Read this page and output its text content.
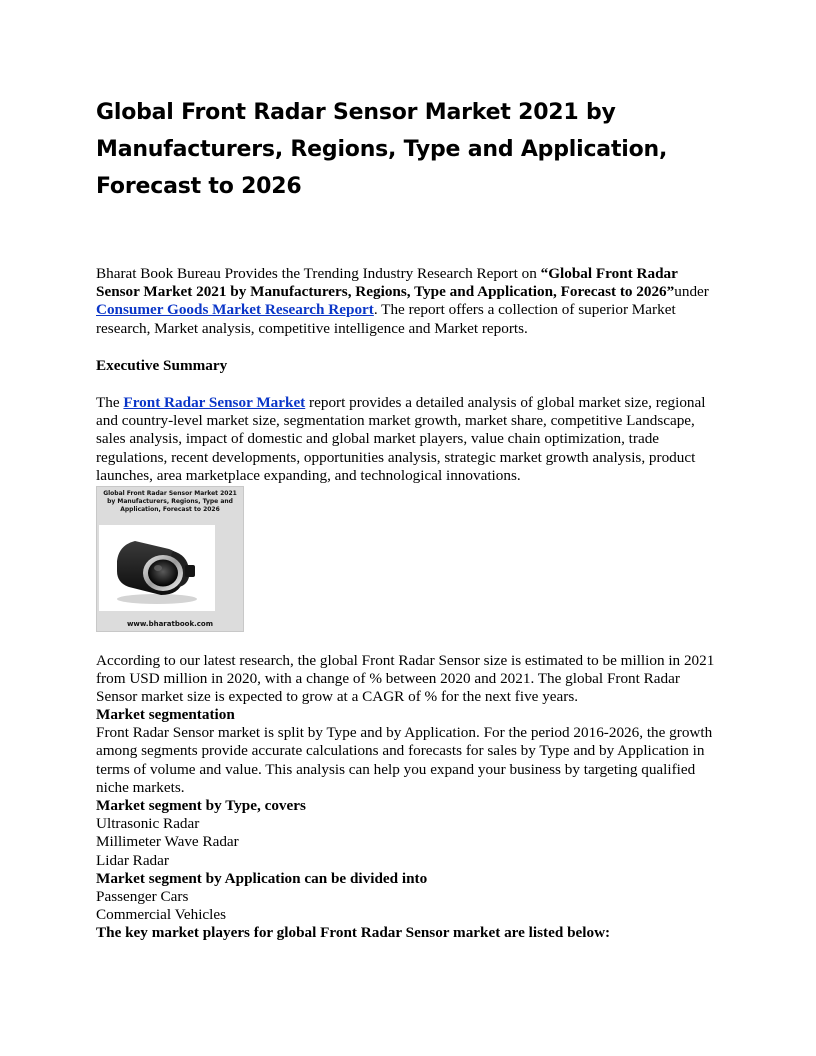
Global Front Radar Sensor Market 2021 by Manufacturers, Regions, Type and Application, Forecast to 2026

Bharat Book Bureau Provides the Trending Industry Research Report on “Global Front Radar Sensor Market 2021 by Manufacturers, Regions, Type and Application, Forecast to 2026”under Consumer Goods Market Research Report. The report offers a collection of superior Market research, Market analysis, competitive intelligence and Market reports.

Executive Summary

The Front Radar Sensor Market report provides a detailed analysis of global market size, regional and country-level market size, segmentation market growth, market share, competitive Landscape, sales analysis, impact of domestic and global market players, value chain optimization, trade regulations, recent developments, opportunities analysis, strategic market growth analysis, product launches, area marketplace expanding, and technological innovations.

Global Front Radar Sensor Market 2021 by Manufacturers, Regions, Type and Application, Forecast to 2026
www.bharatbook.com

According to our latest research, the global Front Radar Sensor size is estimated to be million in 2021 from USD million in 2020, with a change of % between 2020 and 2021. The global Front Radar Sensor market size is expected to grow at a CAGR of % for the next five years.

Market segmentation

Front Radar Sensor market is split by Type and by Application. For the period 2016-2026, the growth among segments provide accurate calculations and forecasts for sales by Type and by Application in terms of volume and value. This analysis can help you expand your business by targeting qualified niche markets.

Market segment by Type, covers

Ultrasonic Radar

Millimeter Wave Radar

Lidar Radar

Market segment by Application can be divided into

Passenger Cars

Commercial Vehicles

The key market players for global Front Radar Sensor market are listed below:
